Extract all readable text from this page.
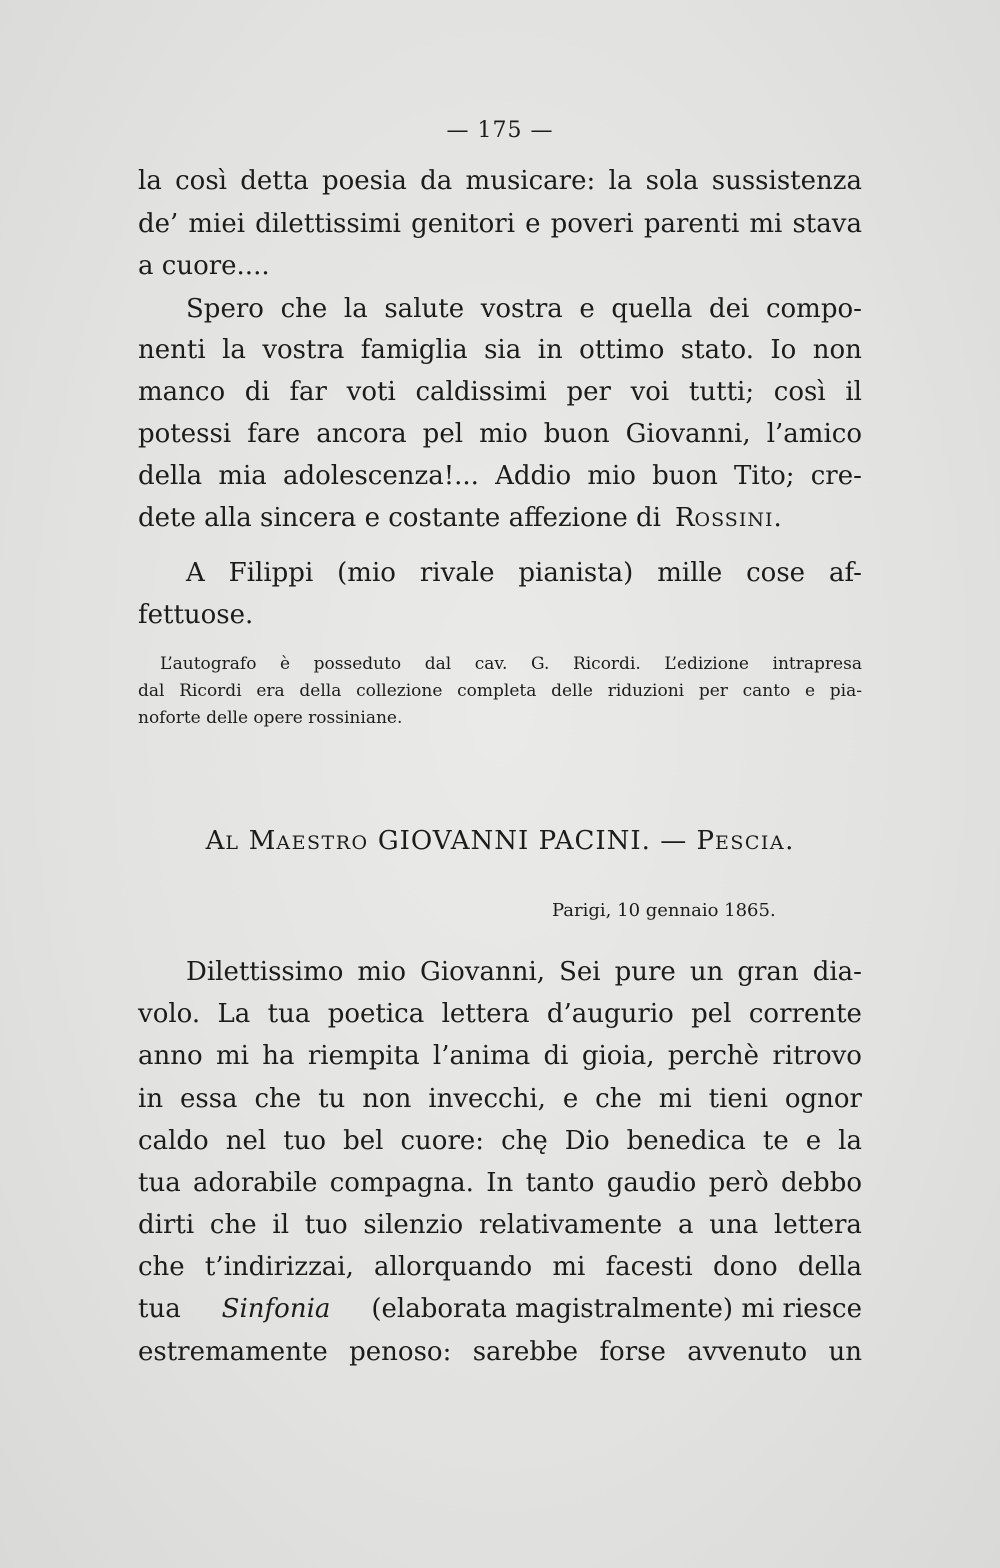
— 175 —
la così detta poesia da musicare: la sola sussistenza
de’ miei dilettissimi genitori e poveri parenti mi stava
a cuore....
Spero che la salute vostra e quella dei compo-
nenti la vostra famiglia sia in ottimo stato. Io non
manco di far voti caldissimi per voi tutti; così il
potessi fare ancora pel mio buon Giovanni, l’amico
della mia adolescenza!... Addio mio buon Tito; cre-
dete alla sincera e costante affezione di ROSSINI.
A Filippi (mio rivale pianista) mille cose af-
fettuose.
L’autografo è posseduto dal cav. G. Ricordi. L’edizione intrapresa
dal Ricordi era della collezione completa delle riduzioni per canto e pia-
noforte delle opere rossiniane.
AL MAESTRO GIOVANNI PACINI. — PESCIA.
Parigi, 10 gennaio 1865.
Dilettissimo mio Giovanni, Sei pure un gran dia-
volo. La tua poetica lettera d’augurio pel corrente
anno mi ha riempita l’anima di gioia, perchè ritrovo
in essa che tu non invecchi, e che mi tieni ognor
caldo nel tuo bel cuore: chę Dio benedica te e la
tua adorabile compagna. In tanto gaudio però debbo
dirti che il tuo silenzio relativamente a una lettera
che t’indirizzai, allorquando mi facesti dono della
tua Sinfonia (elaborata magistralmente) mi riesce
estremamente penoso: sarebbe forse avvenuto un
